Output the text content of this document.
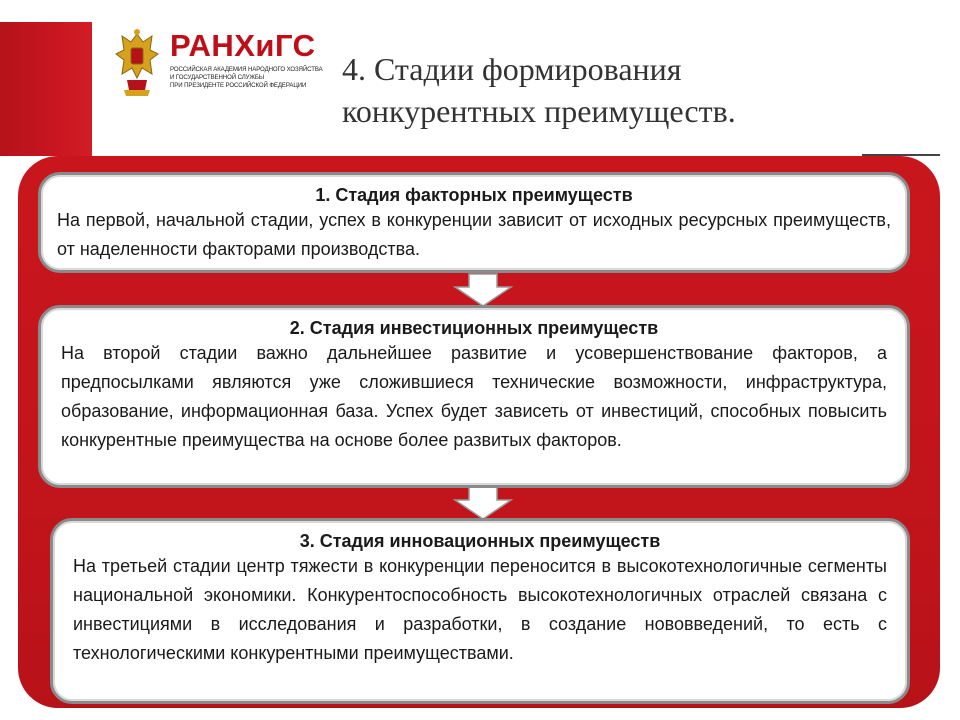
РАНХиГС
РОССИЙСКАЯ АКАДЕМИЯ НАРОДНОГО ХОЗЯЙСТВА
И ГОСУДАРСТВЕННОЙ СЛУЖБЫ
ПРИ ПРЕЗИДЕНТЕ РОССИЙСКОЙ ФЕДЕРАЦИИ	4. Стадии формирования
конкурентных преимуществ.
1. Стадия факторных преимуществ

На первой, начальной стадии, успех в конкуренции зависит от исходных ресурсных преимуществ, от наделенности факторами производства.

2. Стадия инвестиционных преимуществ

На второй стадии важно дальнейшее развитие и усовершенствование факторов, а предпосылками являются уже сложившиеся технические возможности, инфраструктура, образование, информационная база. Успех будет зависеть от инвестиций, способных повысить конкурентные преимущества на основе более развитых факторов.

3. Стадия инновационных преимуществ

На третьей стадии центр тяжести в конкуренции переносится в высокотехнологичные сегменты национальной экономики. Конкурентоспособность высокотехнологичных отраслей связана с инвестициями в исследования и разработки, в создание нововведений, то есть с технологическими конкурентными преимуществами.
